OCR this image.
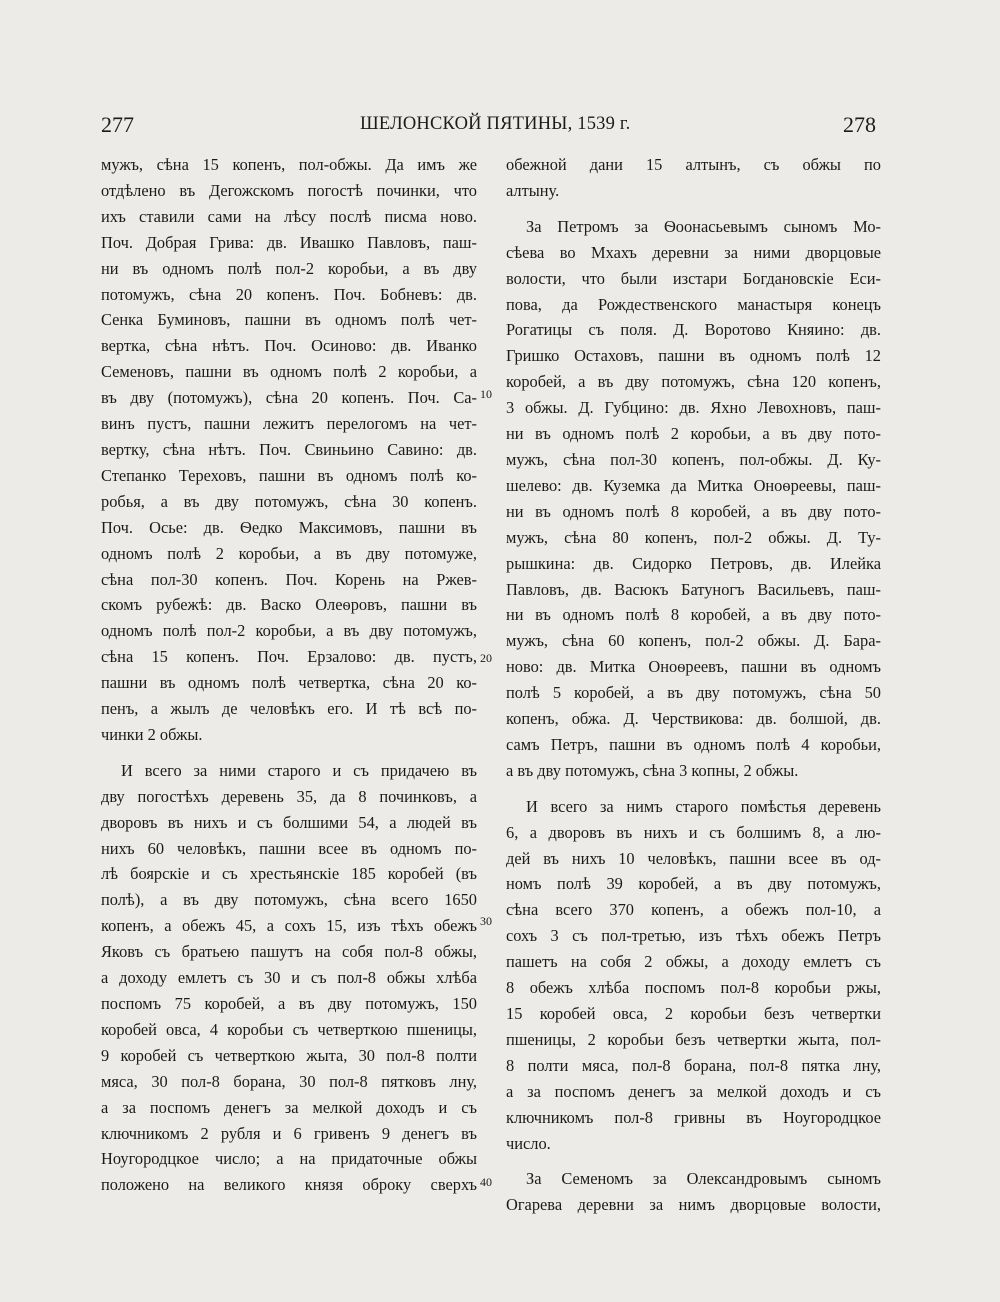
277	ШЕЛОНСКОЙ ПЯТИНЫ, 1539 г.	278

мужъ, сѣна 15 копенъ, пол-обжы. Да имъ же

отдѣлено въ Дегожскомъ погостѣ починки, что

ихъ ставили сами на лѣсу послѣ писма ново.

Поч. Добрая Грива: дв. Ивашко Павловъ, паш-

ни въ одномъ полѣ пол-2 коробьи, а въ дву

потомужъ, сѣна 20 копенъ. Поч. Бобневъ: дв.

Сенка Буминовъ, пашни въ одномъ полѣ чет-

вертка, сѣна нѣтъ. Поч. Осиново: дв. Иванко

Семеновъ, пашни въ одномъ полѣ 2 коробьи, а

въ дву (потомужъ), сѣна 20 копенъ. Поч. Са-

винъ пустъ, пашни лежитъ перелогомъ на чет-

вертку, сѣна нѣтъ. Поч. Свиньино Савино: дв.

Степанко Тереховъ, пашни въ одномъ полѣ ко-

робья, а въ дву потомужъ, сѣна 30 копенъ.

Поч. Осье: дв. Ѳедко Максимовъ, пашни въ

одномъ полѣ 2 коробьи, а въ дву потомуже,

сѣна пол-30 копенъ. Поч. Корень на Ржев-

скомъ рубежѣ: дв. Васко Олеѳровъ, пашни въ

одномъ полѣ пол-2 коробьи, а въ дву потомужъ,

сѣна 15 копенъ. Поч. Ерзалово: дв. пустъ,

пашни въ одномъ полѣ четвертка, сѣна 20 ко-

пенъ, а жылъ де человѣкъ его. И тѣ всѣ по-

чинки 2 обжы.

И всего за ними старого и съ придачею въ

дву погостѣхъ деревень 35, да 8 починковъ, а

дворовъ въ нихъ и съ болшими 54, а людей въ

нихъ 60 человѣкъ, пашни всее въ одномъ по-

лѣ боярскіе и съ хрестьянскіе 185 коробей (въ

полѣ), а въ дву потомужъ, сѣна всего 1650

копенъ, а обежъ 45, а сохъ 15, изъ тѣхъ обежъ

Яковъ съ братьею пашутъ на собя пол-8 обжы,

а доходу емлетъ съ 30 и съ пол-8 обжы хлѣба

поспомъ 75 коробей, а въ дву потомужъ, 150

коробей овса, 4 коробьи съ четверткою пшеницы,

9 коробей съ четверткою жыта, 30 пол-8 полти

мяса, 30 пол-8 борана, 30 пол-8 пятковъ лну,

а за поспомъ денегъ за мелкой доходъ и съ

ключникомъ 2 рубля и 6 гривенъ 9 денегъ въ

Ноугородцкое число; а на придаточные обжы

положено на великого князя оброку сверхъ

10
20
30
40

обежной дани 15 алтынъ, съ обжы по

алтыну.

За Петромъ за Ѳоонасьевымъ сыномъ Мо-

сѣева во Мхахъ деревни за ними дворцовые

волости, что были изстари Богдановскіе Еси-

пова, да Рождественского манастыря конецъ

Рогатицы съ поля. Д. Воротово Княино: дв.

Гришко Остаховъ, пашни въ одномъ полѣ 12

коробей, а въ дву потомужъ, сѣна 120 копенъ,

3 обжы. Д. Губцино: дв. Яхно Левохновъ, паш-

ни въ одномъ полѣ 2 коробьи, а въ дву пото-

мужъ, сѣна пол-30 копенъ, пол-обжы. Д. Ку-

шелево: дв. Куземка да Митка Оноѳреевы, паш-

ни въ одномъ полѣ 8 коробей, а въ дву пото-

мужъ, сѣна 80 копенъ, пол-2 обжы. Д. Ту-

рышкина: дв. Сидорко Петровъ, дв. Илейка

Павловъ, дв. Васюкъ Батуногъ Васильевъ, паш-

ни въ одномъ полѣ 8 коробей, а въ дву пото-

мужъ, сѣна 60 копенъ, пол-2 обжы. Д. Бара-

ново: дв. Митка Оноѳреевъ, пашни въ одномъ

полѣ 5 коробей, а въ дву потомужъ, сѣна 50

копенъ, обжа. Д. Черствикова: дв. болшой, дв.

самъ Петръ, пашни въ одномъ полѣ 4 коробьи,

а въ дву потомужъ, сѣна 3 копны, 2 обжы.

И всего за нимъ старого помѣстья деревень

6, а дворовъ въ нихъ и съ болшимъ 8, а лю-

дей въ нихъ 10 человѣкъ, пашни всее въ од-

номъ полѣ 39 коробей, а въ дву потомужъ,

сѣна всего 370 копенъ, а обежъ пол-10, а

сохъ 3 съ пол-третью, изъ тѣхъ обежъ Петръ

пашетъ на собя 2 обжы, а доходу емлетъ съ

8 обежъ хлѣба поспомъ пол-8 коробьи ржы,

15 коробей овса, 2 коробьи безъ четвертки

пшеницы, 2 коробьи безъ четвертки жыта, пол-

8 полти мяса, пол-8 борана, пол-8 пятка лну,

а за поспомъ денегъ за мелкой доходъ и съ

ключникомъ пол-8 гривны въ Ноугородцкое

число.

За Семеномъ за Олександровымъ сыномъ

Огарева деревни за нимъ дворцовые волости,
